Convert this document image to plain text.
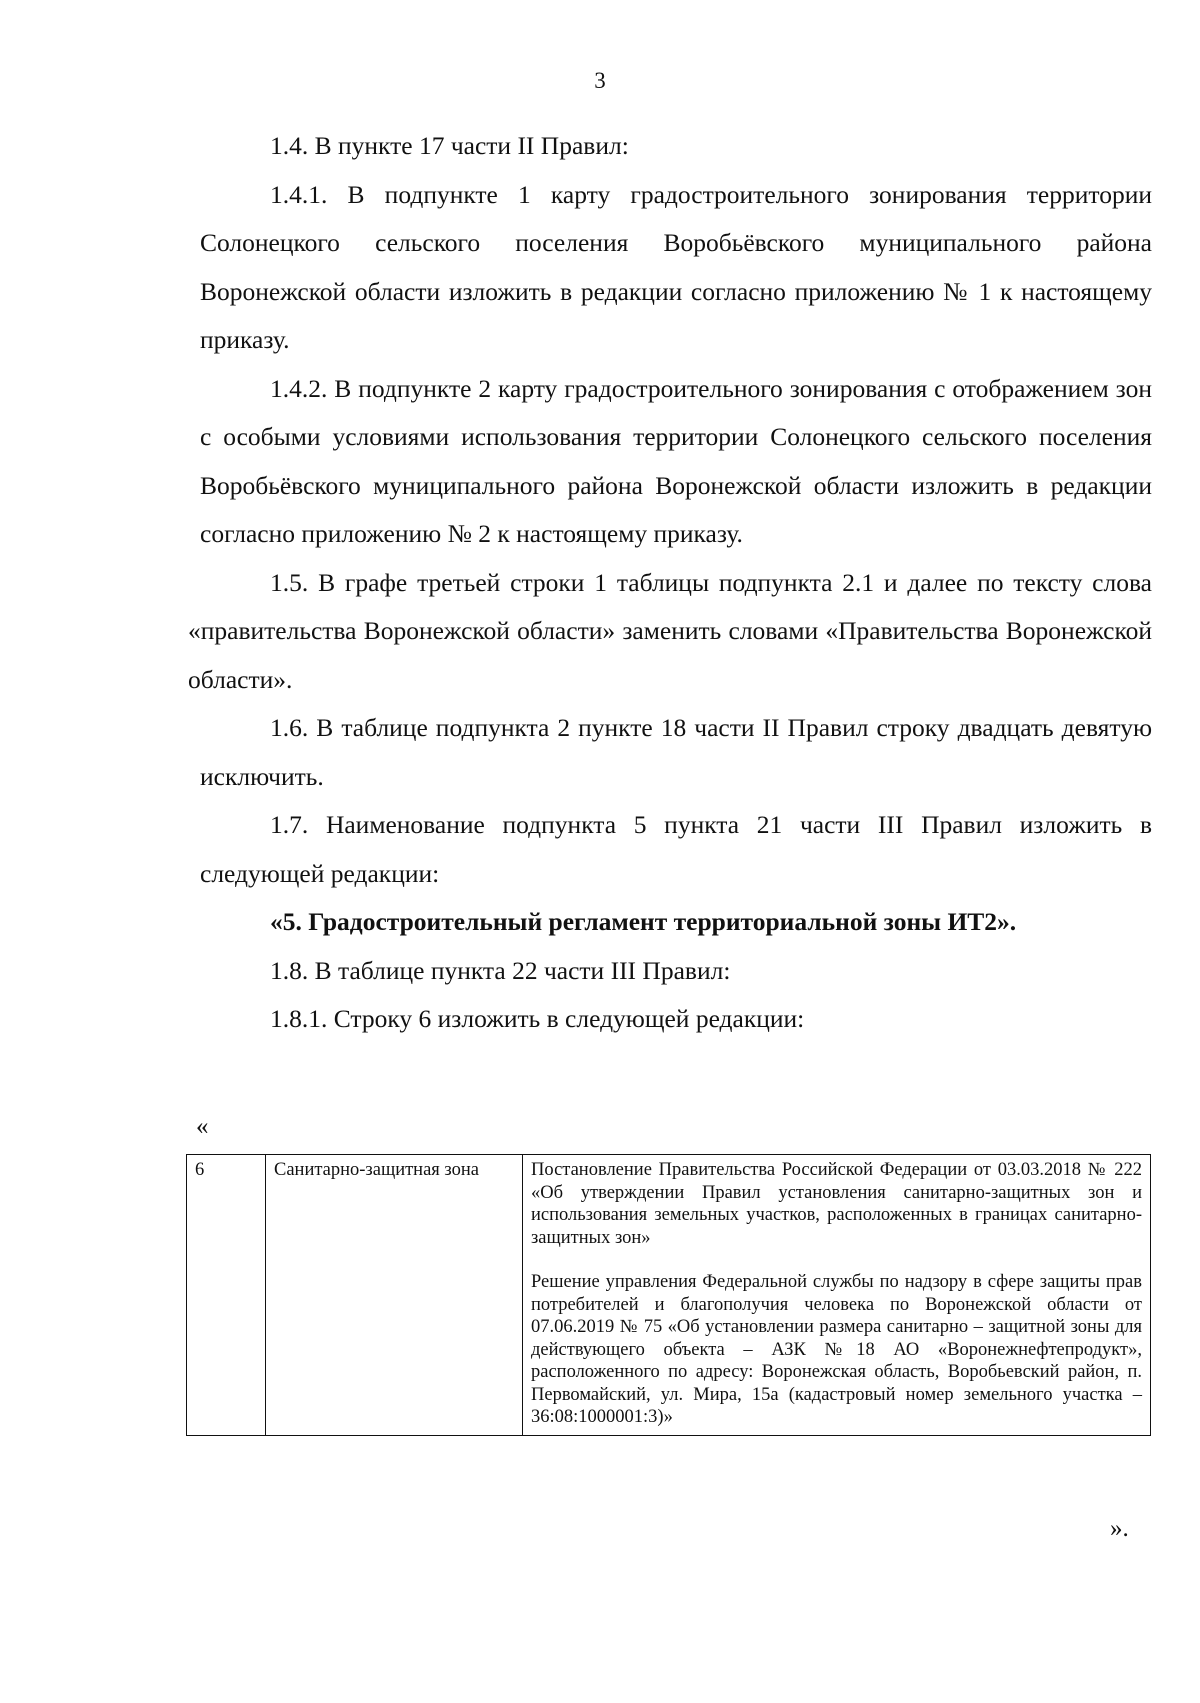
3

1.4. В пункте 17 части II Правил:

1.4.1. В подпункте 1 карту градостроительного зонирования территории Солонецкого сельского поселения Воробьёвского муниципального района Воронежской области изложить в редакции согласно приложению № 1 к настоящему приказу.

1.4.2. В подпункте 2 карту градостроительного зонирования с отображением зон с особыми условиями использования территории Солонецкого сельского поселения Воробьёвского муниципального района Воронежской области изложить в редакции согласно приложению № 2 к настоящему приказу.

1.5. В графе третьей строки 1 таблицы подпункта 2.1 и далее по тексту слова «правительства Воронежской области» заменить словами «Правительства Воронежской области».

1.6. В таблице подпункта 2 пункте 18 части II Правил строку двадцать девятую исключить.

1.7. Наименование подпункта 5 пункта 21 части III Правил изложить в следующей редакции:

«5. Градостроительный регламент территориальной зоны ИТ2».

1.8. В таблице пункта 22 части III Правил:

1.8.1. Строку 6 изложить в следующей редакции:

«
6	Санитарно-защитная зона	Постановление Правительства Российской Федерации от 03.03.2018 № 222 «Об утверждении Правил установления санитарно-защитных зон и использования земельных участков, расположенных в границах санитарно-защитных зон»
Решение управления Федеральной службы по надзору в сфере защиты прав потребителей и благополучия человека по Воронежской области от 07.06.2019 № 75 «Об установлении размера санитарно – защитной зоны для действующего объекта – АЗК №18 АО «Воронежнефтепродукт», расположенного по адресу: Воронежская область, Воробьевский район, п. Первомайский, ул. Мира, 15а (кадастровый номер земельного участка – 36:08:1000001:3)»
».
